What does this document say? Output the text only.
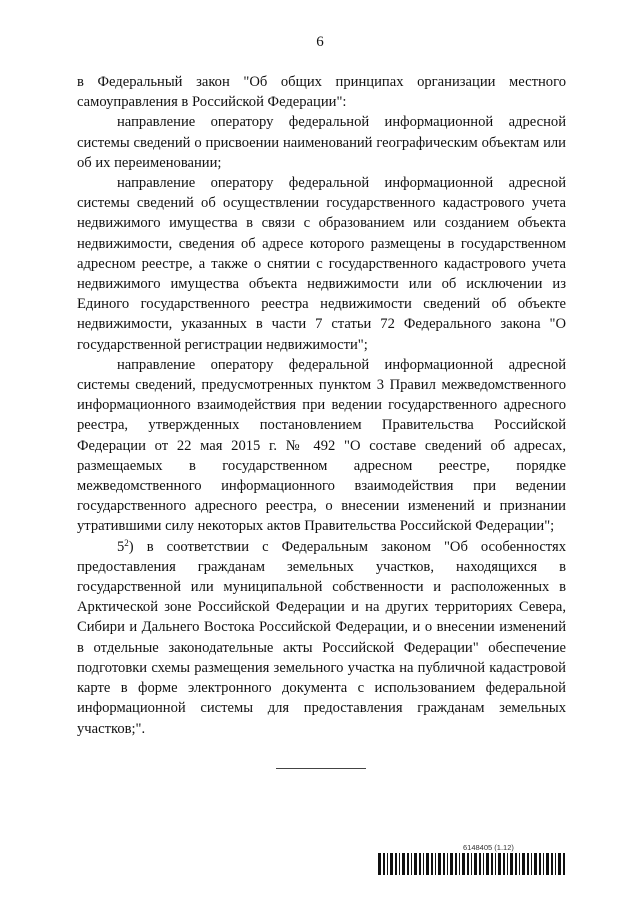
6

в Федеральный закон "Об общих принципах организации местного самоуправления в Российской Федерации":

направление оператору федеральной информационной адресной системы сведений о присвоении наименований географическим объектам или об их переименовании;

направление оператору федеральной информационной адресной системы сведений об осуществлении государственного кадастрового учета недвижимого имущества в связи с образованием или созданием объекта недвижимости, сведения об адресе которого размещены в государственном адресном реестре, а также о снятии с государственного кадастрового учета недвижимого имущества объекта недвижимости или об исключении из Единого государственного реестра недвижимости сведений об объекте недвижимости, указанных в части 7 статьи 72 Федерального закона "О государственной регистрации недвижимости";

направление оператору федеральной информационной адресной системы сведений, предусмотренных пунктом 3 Правил межведомственного информационного взаимодействия при ведении государственного адресного реестра, утвержденных постановлением Правительства Российской Федерации от 22 мая 2015 г. № 492 "О составе сведений об адресах, размещаемых в государственном адресном реестре, порядке межведомственного информационного взаимодействия при ведении государственного адресного реестра, о внесении изменений и признании утратившими силу некоторых актов Правительства Российской Федерации";

$5^2$) в соответствии с Федеральным законом "Об особенностях предоставления гражданам земельных участков, находящихся в государственной или муниципальной собственности и расположенных в Арктической зоне Российской Федерации и на других территориях Севера, Сибири и Дальнего Востока Российской Федерации, и о внесении изменений в отдельные законодательные акты Российской Федерации" обеспечение подготовки схемы размещения земельного участка на публичной кадастровой карте в форме электронного документа с использованием федеральной информационной системы для предоставления гражданам земельных участков;".

6148405 (1.12)
